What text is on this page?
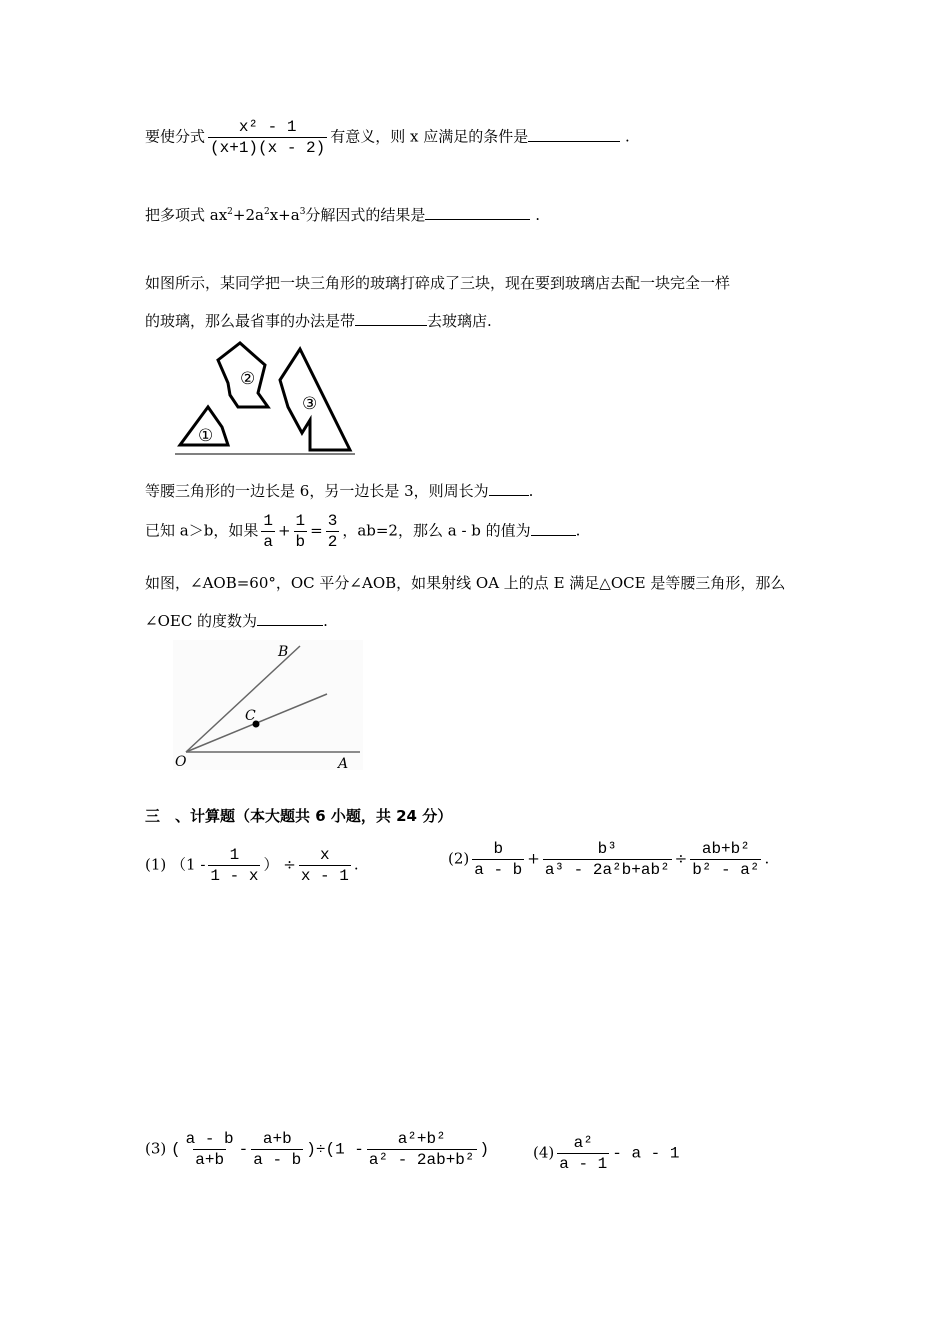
要使分式 $\frac{\text{x² - 1}}{(x+1)(x - 2)}$ 有意义，则 x 应满足的条件是	.
把多项式 $ax^2+2a^2x+a^3$分解因式的结果是	.
如图所示，某同学把一块三角形的玻璃打碎成了三块，现在要到玻璃店去配一块完全一样
的玻璃，那么最省事的办法是带	去玻璃店.
①
②
③
等腰三角形的一边长是 6，另一边长是 3，则周长为	.
已知 a＞b，如果 $\frac{1}{a} + \frac{1}{b} = \frac{3}{2}$ ，ab=2，那么 a - b 的值为	.
如图，∠AOB=60°，OC 平分∠AOB，如果射线 OA 上的点 E 满足△OCE 是等腰三角形，那么
∠OEC 的度数为	.
B
C
O	A
三　、计算题（本大题共 6 小题，共 24 分）
(1) （$1 - \frac{1}{1 - x}$ ） ÷ $\frac{x}{x - 1}$ .	$(2) \frac{b}{a - b} + \frac{\text{b³}}{\text{a³ - 2a²b+ab²}} \div \frac{\text{ab+b²}}{\text{b² - a²}}$ .
(3) ( $\frac{a - b}{a+b} - \frac{a+b}{a - b} )\div(1 - \frac{\text{a²+b²}}{\text{a² - 2ab+b²}}$ )	$(4) \frac{\text{a²}}{a - 1}$ - a - 1
